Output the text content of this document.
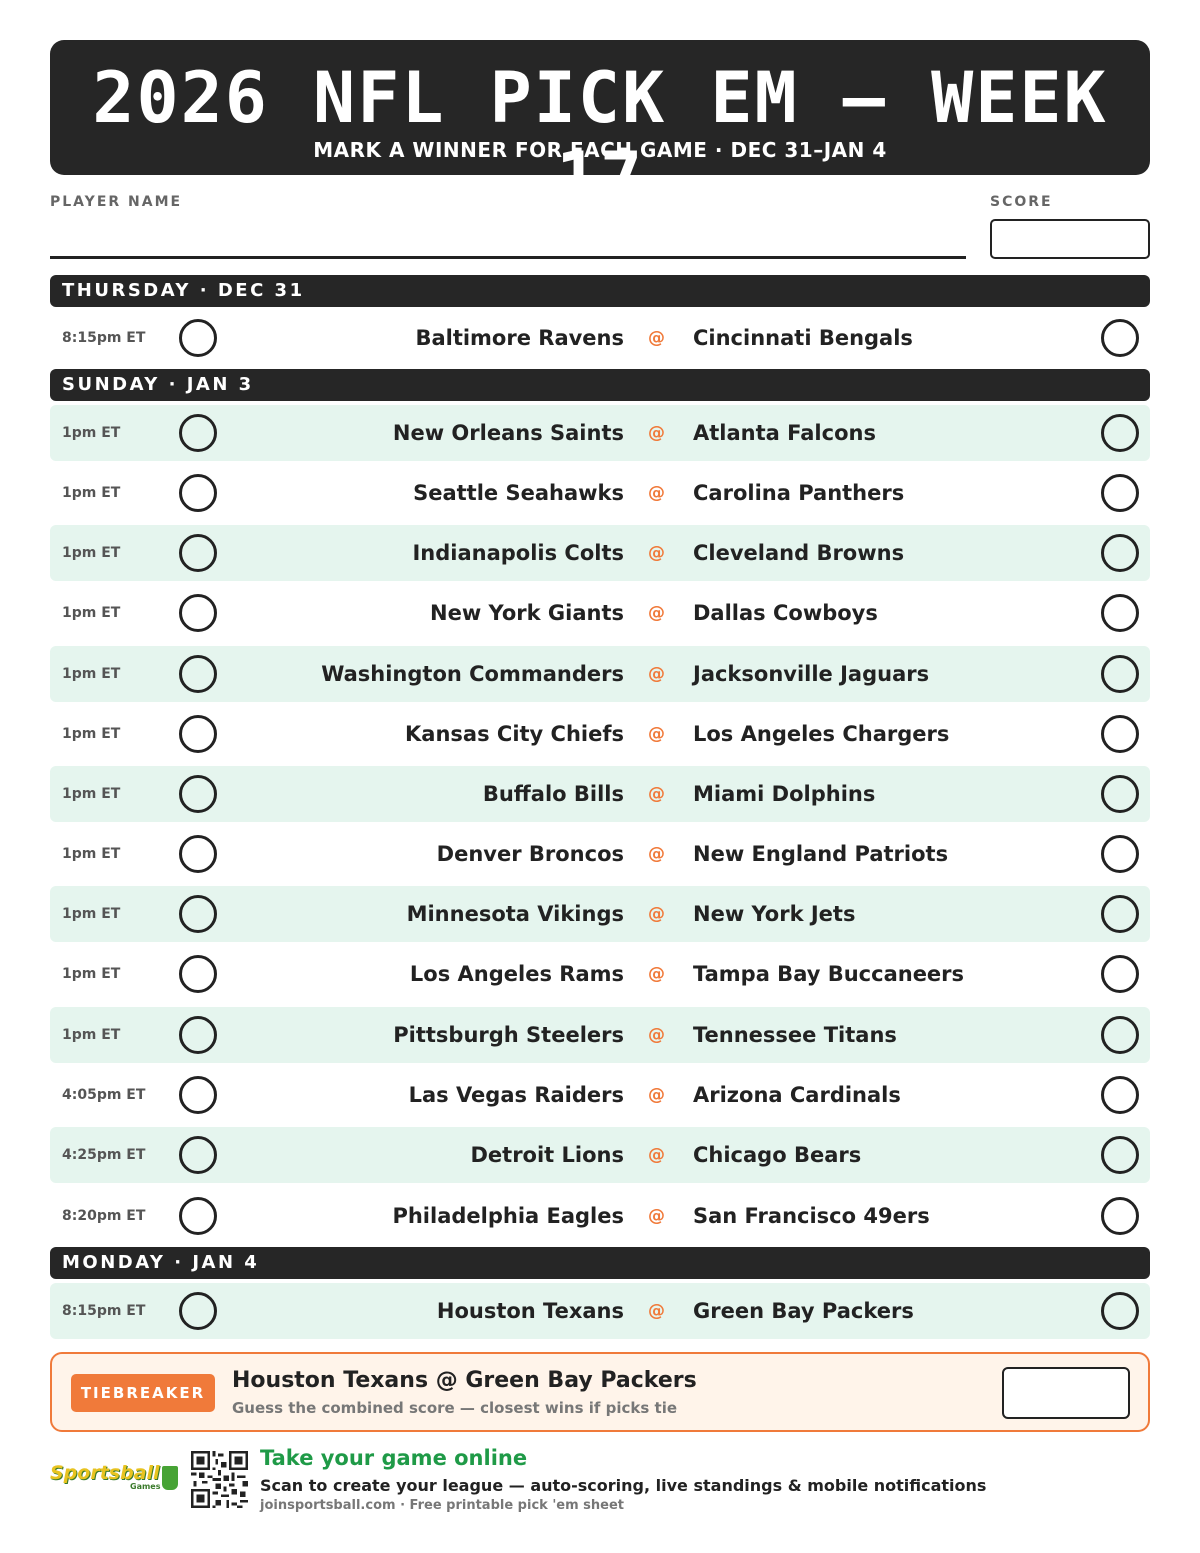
2026 NFL PICK EM — WEEK 17
MARK A WINNER FOR EACH GAME · DEC 31–JAN 4
PLAYER NAME	SCORE
THURSDAY · DEC 31
SUNDAY · JAN 3
MONDAY · JAN 4
8:15pm ET	Baltimore Ravens @ Cincinnati Bengals
1pm ET	New Orleans Saints @ Atlanta Falcons
1pm ET	Seattle Seahawks @ Carolina Panthers
1pm ET	Indianapolis Colts @ Cleveland Browns
1pm ET	New York Giants @ Dallas Cowboys
1pm ET	Washington Commanders @ Jacksonville Jaguars
1pm ET	Kansas City Chiefs @ Los Angeles Chargers
1pm ET	Buffalo Bills @ Miami Dolphins
1pm ET	Denver Broncos @ New England Patriots
1pm ET	Minnesota Vikings @ New York Jets
1pm ET	Los Angeles Rams @ Tampa Bay Buccaneers
1pm ET	Pittsburgh Steelers @ Tennessee Titans
4:05pm ET	Las Vegas Raiders @ Arizona Cardinals
4:25pm ET	Detroit Lions @ Chicago Bears
8:20pm ET	Philadelphia Eagles @ San Francisco 49ers
8:15pm ET	Houston Texans @ Green Bay Packers
TIEBREAKER	Houston Texans @ Green Bay Packers
Guess the combined score — closest wins if picks tie
Sportsball
Games
Take your game online
Scan to create your league — auto-scoring, live standings & mobile notifications
joinsportsball.com · Free printable pick 'em sheet
